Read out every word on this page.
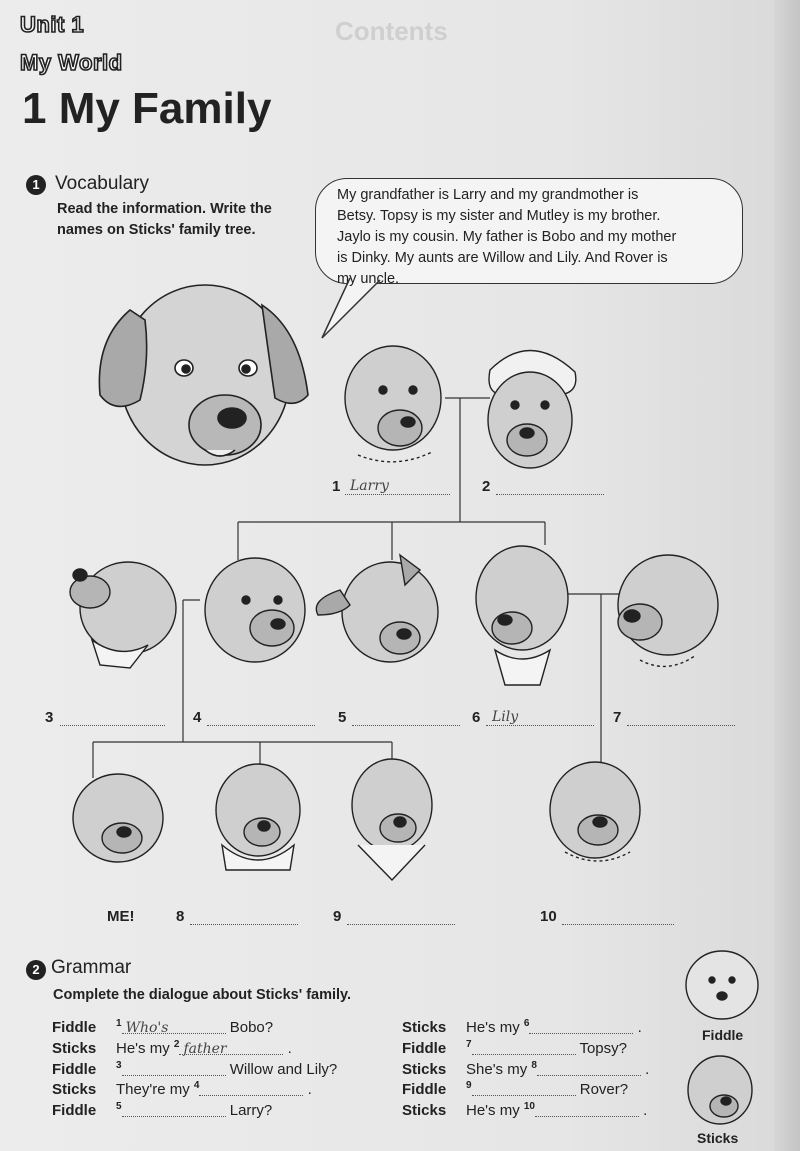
Contents
Unit 1
My World
1 My Family
1 Vocabulary
Read the information. Write the
names on Sticks' family tree.
My grandfather is Larry and my grandmother is
Betsy. Topsy is my sister and Mutley is my brother.
Jaylo is my cousin. My father is Bobo and my mother
is Dinky. My aunts are Willow and Lily. And Rover is
my uncle.
1 Larry	2
3	4	5	6 Lily	7
ME!	8	9	10
2 Grammar
Complete the dialogue about Sticks' family.
Fiddle $^1$ Who's	Bobo?
Sticks He's my $^2$ father	.
Fiddle $^3$	Willow and Lily?
Sticks They're my $^4$	.
Fiddle $^5$	Larry?
Sticks He's my $^6$	.
Fiddle $^7$	Topsy?
Sticks She's my $^8$	.
Fiddle $^9$	Rover?
Sticks He's my $^{10}$	.
Fiddle
Sticks
